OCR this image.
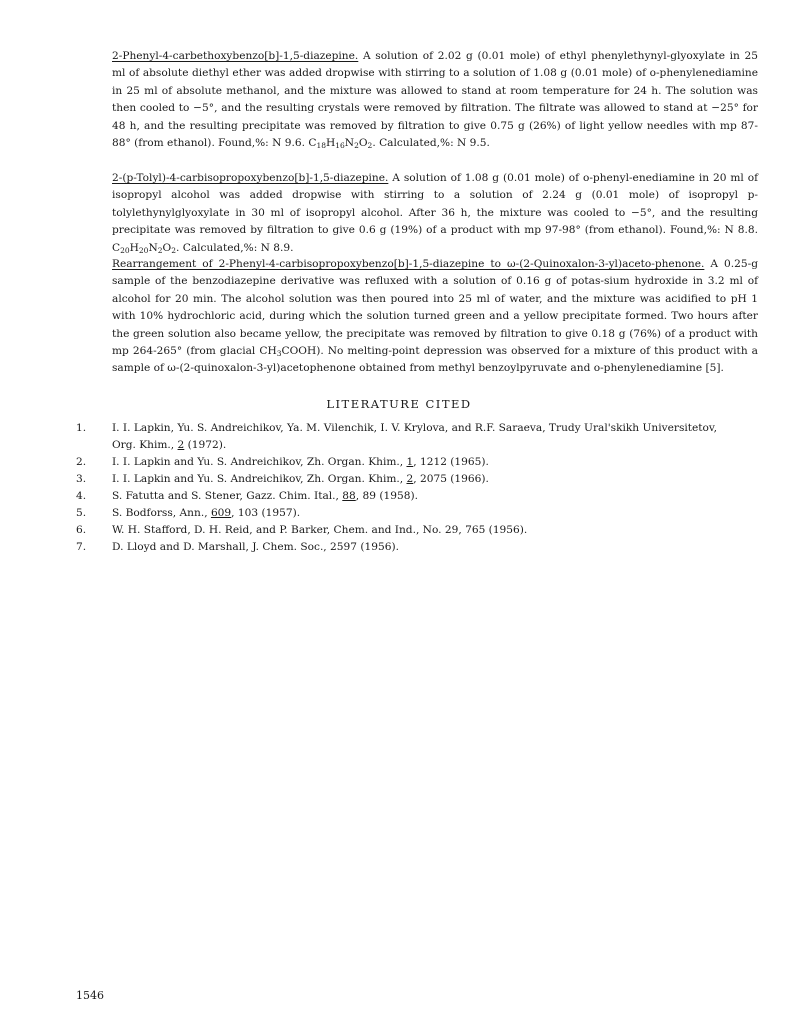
2-Phenyl-4-carbethoxybenzo[b]-1,5-diazepine. A solution of 2.02 g (0.01 mole) of ethyl phenylethynyl-glyoxylate in 25 ml of absolute diethyl ether was added dropwise with stirring to a solution of 1.08 g (0.01 mole) of o-phenylenediamine in 25 ml of absolute methanol, and the mixture was allowed to stand at room temperature for 24 h. The solution was then cooled to −5°, and the resulting crystals were removed by filtration. The filtrate was allowed to stand at −25° for 48 h, and the resulting precipitate was removed by filtration to give 0.75 g (26%) of light yellow needles with mp 87-88° (from ethanol). Found,%: N 9.6. $C_{18}H_{16}N_2O_2$. Calculated,%: N 9.5.

2-(p-Tolyl)-4-carbisopropoxybenzo[b]-1,5-diazepine. A solution of 1.08 g (0.01 mole) of o-phenyl-enediamine in 20 ml of isopropyl alcohol was added dropwise with stirring to a solution of 2.24 g (0.01 mole) of isopropyl p-tolylethynylglyoxylate in 30 ml of isopropyl alcohol. After 36 h, the mixture was cooled to −5°, and the resulting precipitate was removed by filtration to give 0.6 g (19%) of a product with mp 97-98° (from ethanol). Found,%: N 8.8. $C_{20}H_{20}N_2O_2$. Calculated,%: N 8.9.

Rearrangement of 2-Phenyl-4-carbisopropoxybenzo[b]-1,5-diazepine to ω-(2-Quinoxalon-3-yl)aceto-phenone. A 0.25-g sample of the benzodiazepine derivative was refluxed with a solution of 0.16 g of potas-sium hydroxide in 3.2 ml of alcohol for 20 min. The alcohol solution was then poured into 25 ml of water, and the mixture was acidified to pH 1 with 10% hydrochloric acid, during which the solution turned green and a yellow precipitate formed. Two hours after the green solution also became yellow, the precipitate was removed by filtration to give 0.18 g (76%) of a product with mp 264-265° (from glacial $CH_3COOH$). No melting-point depression was observed for a mixture of this product with a sample of ω-(2-quinoxalon-3-yl)acetophenone obtained from methyl benzoylpyruvate and o-phenylenediamine [5].

LITERATURE CITED

1.	I. I. Lapkin, Yu. S. Andreichikov, Ya. M. Vilenchik, I. V. Krylova, and R.F. Saraeva, Trudy Ural'skikh Universitetov, Org. Khim., 2 (1972).
2.	I. I. Lapkin and Yu. S. Andreichikov, Zh. Organ. Khim., 1, 1212 (1965).
3.	I. I. Lapkin and Yu. S. Andreichikov, Zh. Organ. Khim., 2, 2075 (1966).
4.	S. Fatutta and S. Stener, Gazz. Chim. Ital., 88, 89 (1958).
5.	S. Bodforss, Ann., 609, 103 (1957).
6.	W. H. Stafford, D. H. Reid, and P. Barker, Chem. and Ind., No. 29, 765 (1956).
7.	D. Lloyd and D. Marshall, J. Chem. Soc., 2597 (1956).

1546
